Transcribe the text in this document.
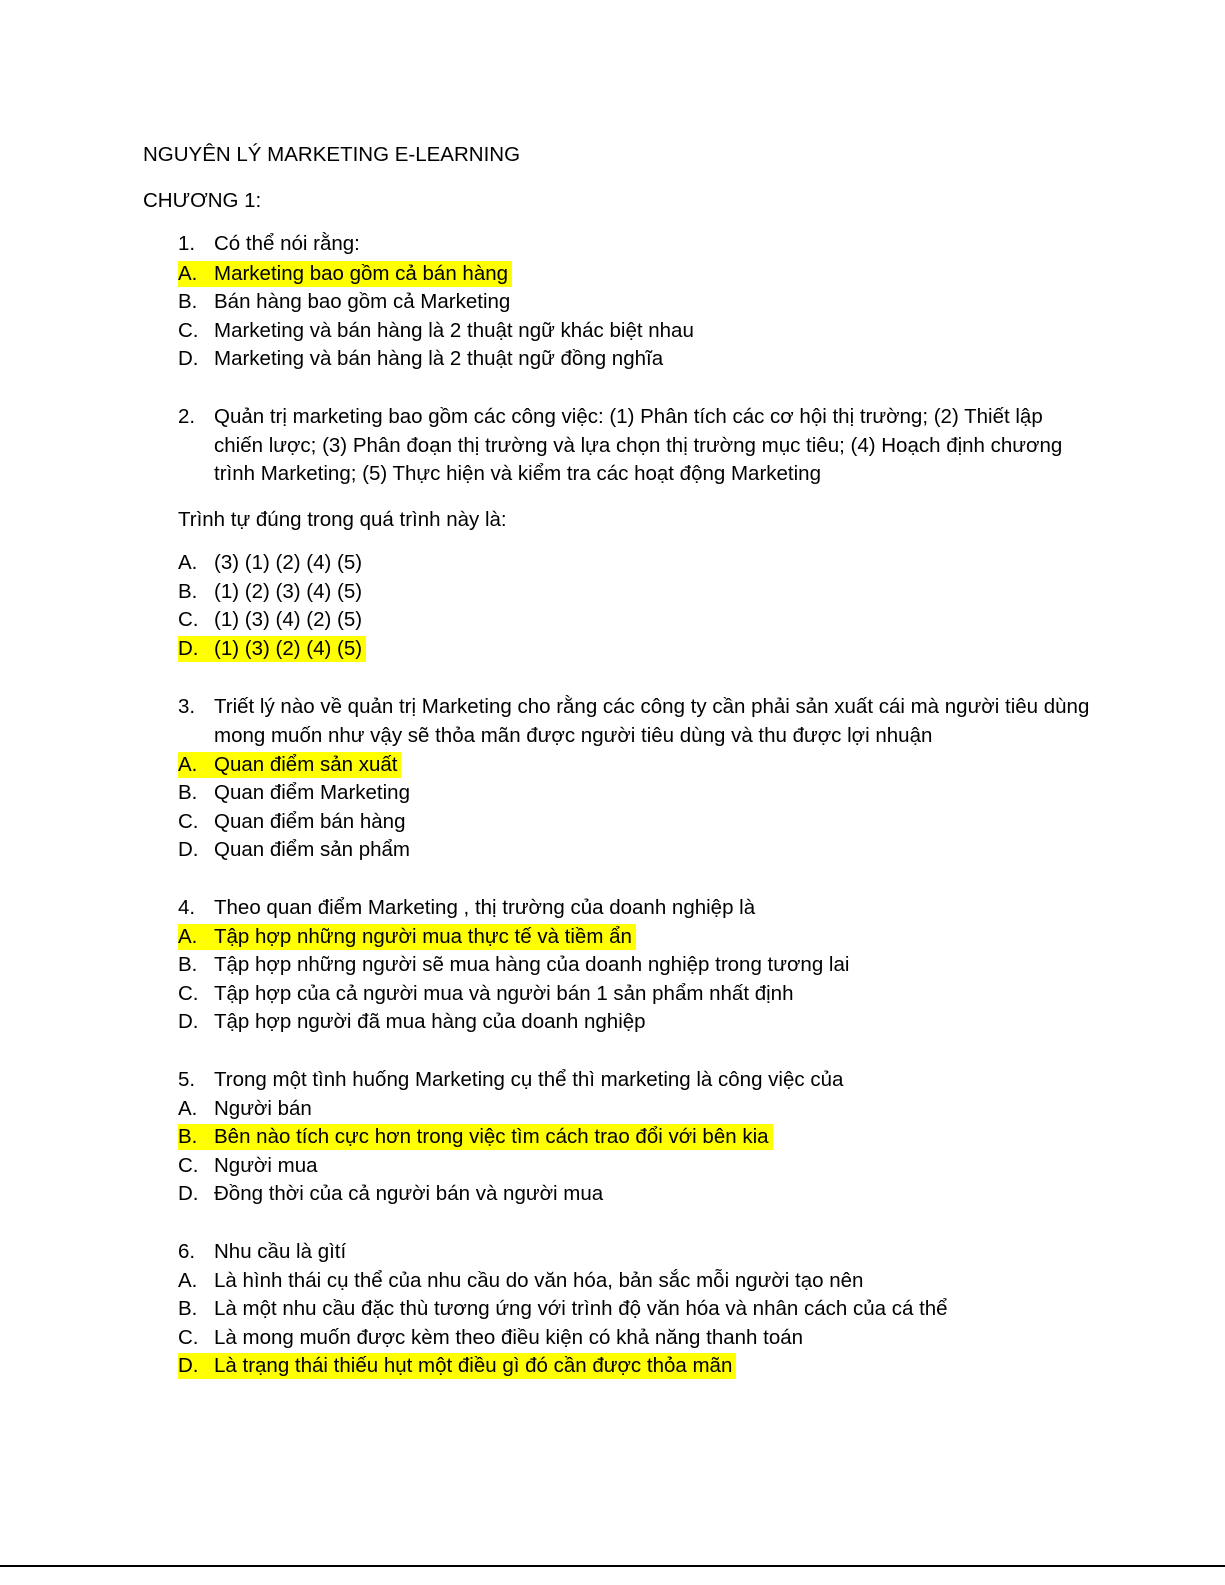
NGUYÊN LÝ MARKETING E-LEARNING
CHƯƠNG 1:
1. Có thể nói rằng:
A. Marketing bao gồm cả bán hàng
B. Bán hàng bao gồm cả Marketing
C. Marketing và bán hàng là 2 thuật ngữ khác biệt nhau
D. Marketing và bán hàng là 2 thuật ngữ đồng nghĩa
2. Quản trị marketing bao gồm các công việc: (1) Phân tích các cơ hội thị trường; (2) Thiết lập chiến lược; (3) Phân đoạn thị trường và lựa chọn thị trường mục tiêu; (4) Hoạch định chương trình Marketing; (5) Thực hiện và kiểm tra các hoạt động Marketing
Trình tự đúng trong quá trình này là:
A. (3) (1) (2) (4) (5)
B. (1) (2) (3) (4) (5)
C. (1) (3) (4) (2) (5)
D. (1) (3) (2) (4) (5)
3. Triết lý nào về quản trị Marketing cho rằng các công ty cần phải sản xuất cái mà người tiêu dùng mong muốn như vậy sẽ thỏa mãn được người tiêu dùng và thu được lợi nhuận
A. Quan điểm sản xuất
B. Quan điểm Marketing
C. Quan điểm bán hàng
D. Quan điểm sản phẩm
4. Theo quan điểm Marketing , thị trường của doanh nghiệp là
A. Tập hợp những người mua thực tế và tiềm ẩn
B. Tập hợp những người sẽ mua hàng của doanh nghiệp trong tương lai
C. Tập hợp của cả người mua và người bán 1 sản phẩm nhất định
D. Tập hợp người đã mua hàng của doanh nghiệp
5. Trong một tình huống Marketing cụ thể thì marketing là công việc của
A. Người bán
B. Bên nào tích cực hơn trong việc tìm cách trao đổi với bên kia
C. Người mua
D. Đồng thời của cả người bán và người mua
6. Nhu cầu là gìtí
A. Là hình thái cụ thể của nhu cầu do văn hóa, bản sắc mỗi người tạo nên
B. Là một nhu cầu đặc thù tương ứng với trình độ văn hóa và nhân cách của cá thể
C. Là mong muốn được kèm theo điều kiện có khả năng thanh toán
D. Là trạng thái thiếu hụt một điều gì đó cần được thỏa mãn
